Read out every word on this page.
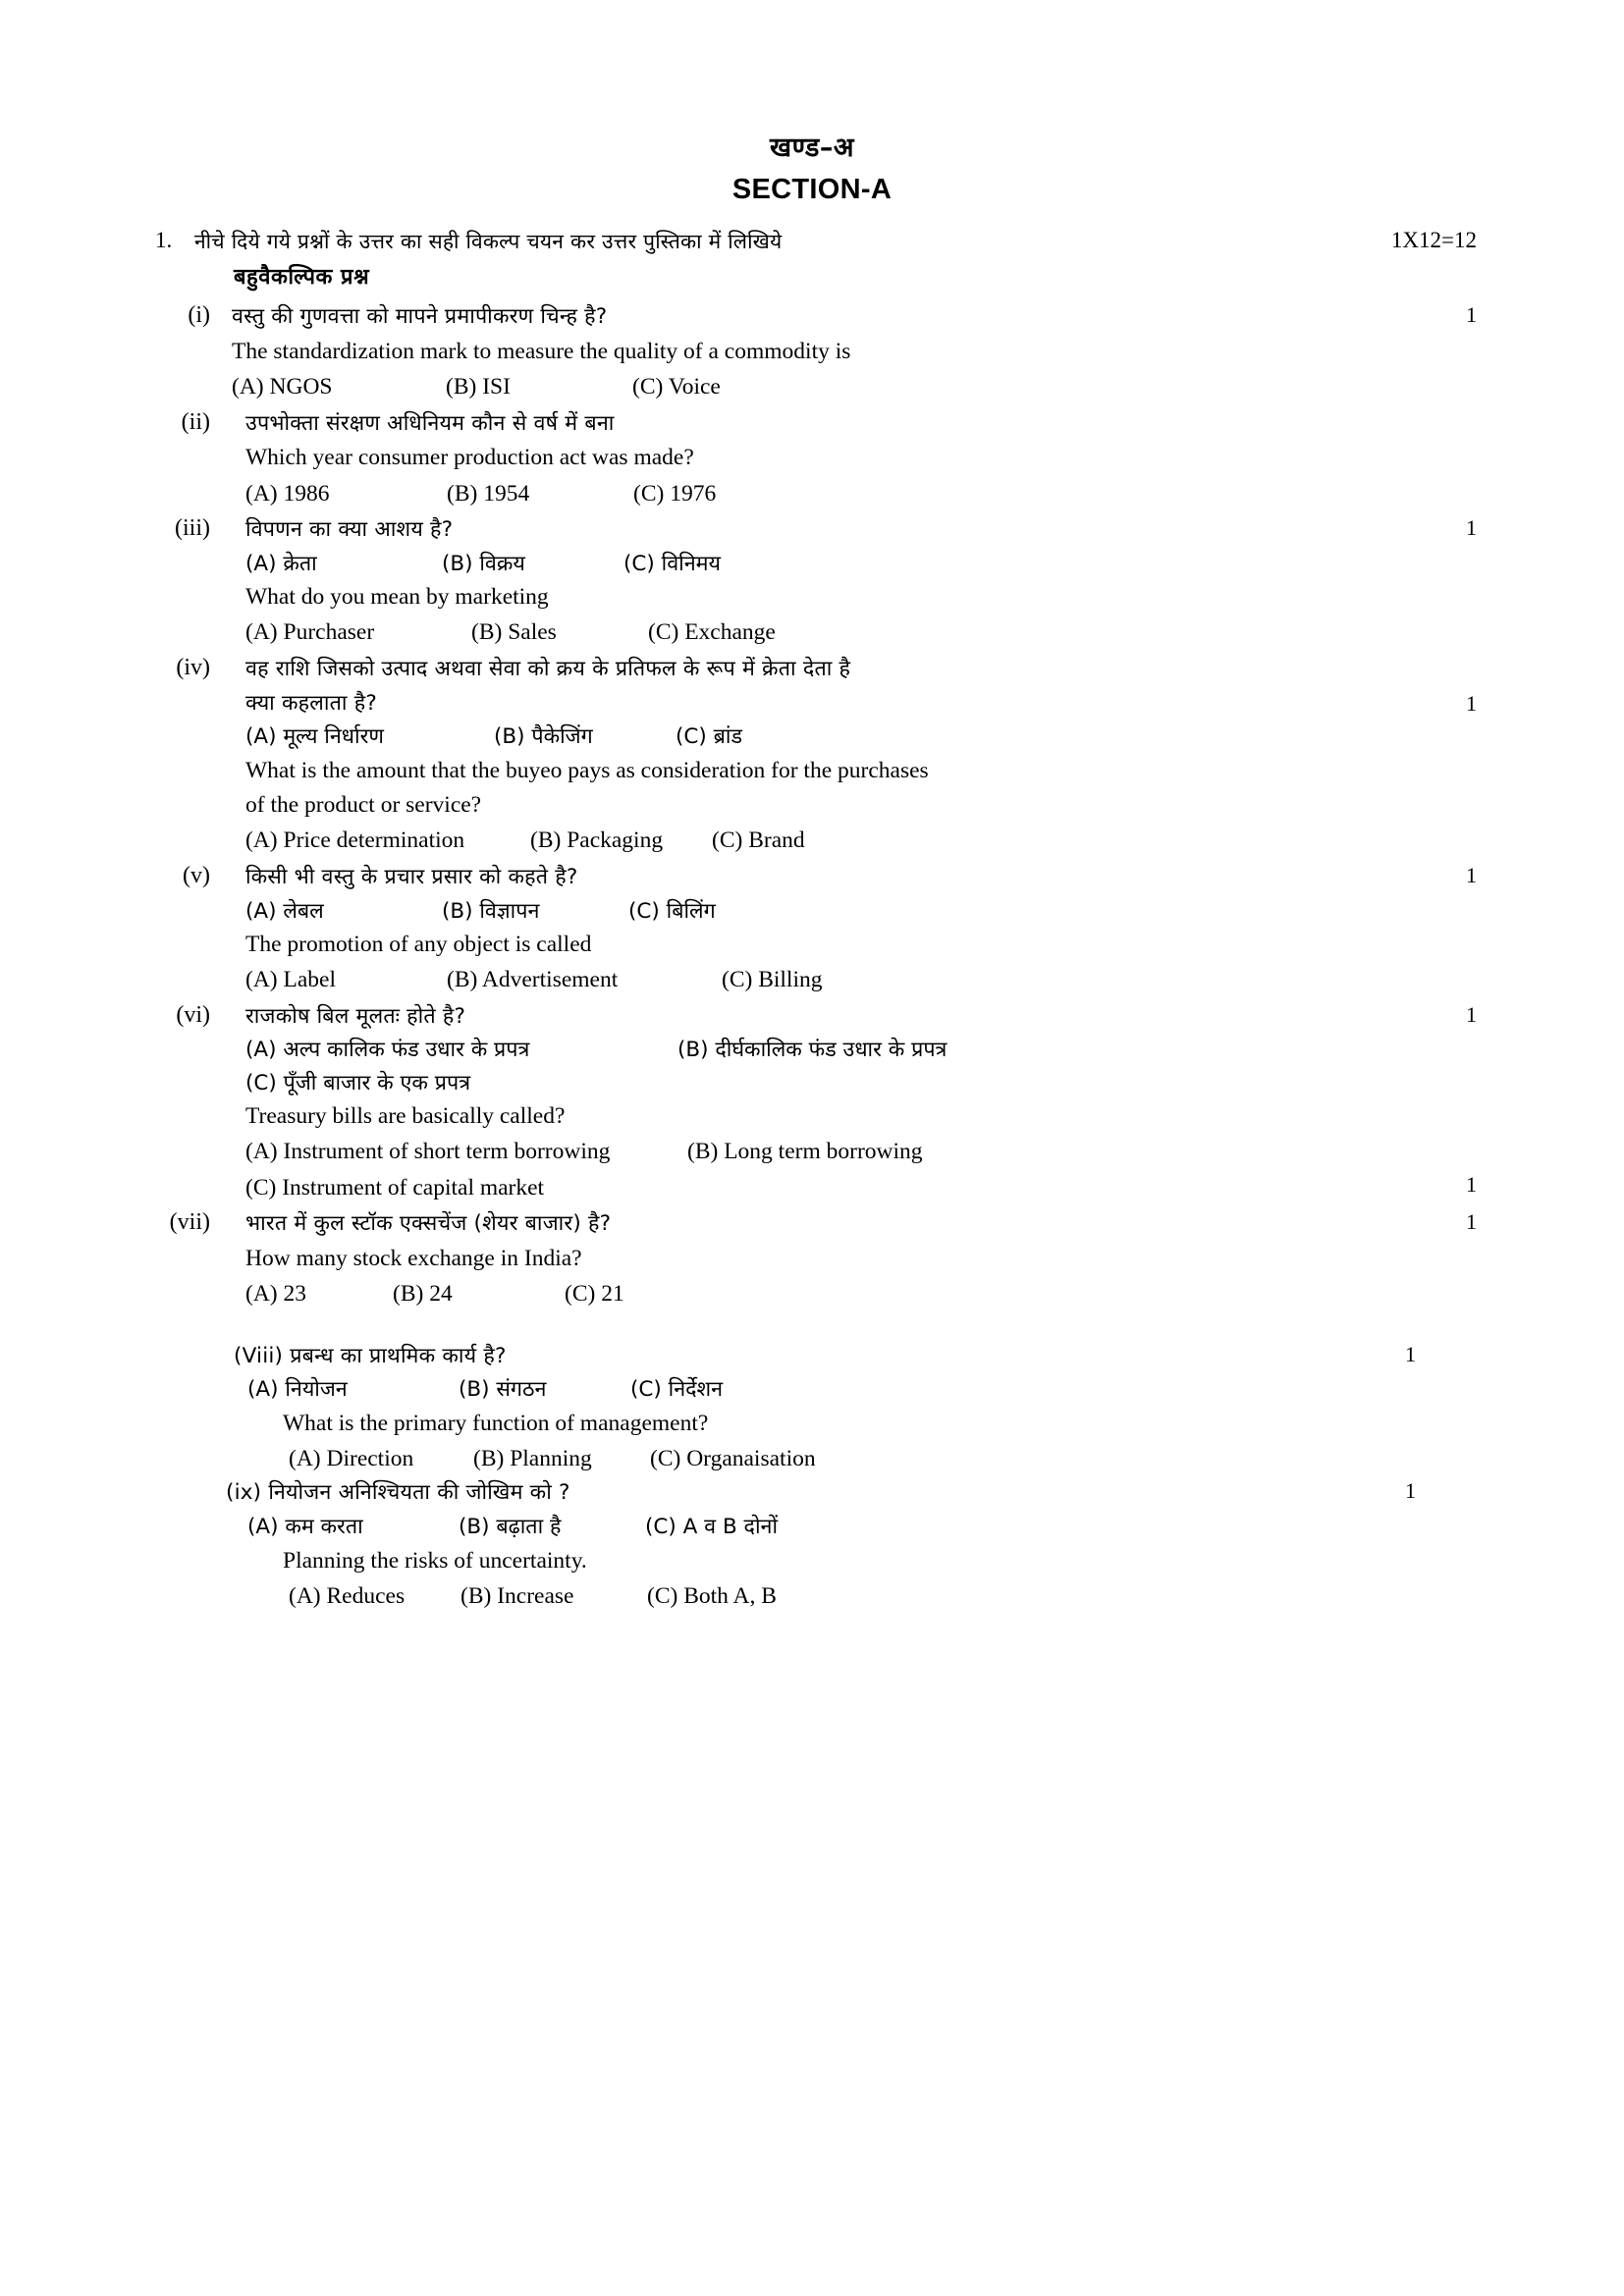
खण्ड–अ
SECTION-A
1.	नीचे दिये गये प्रश्नों के उत्तर का सही विकल्प चयन कर उत्तर पुस्तिका में लिखिये	1X12=12
बहुवैकल्पिक प्रश्न
(i)	वस्तु की गुणवत्ता को मापने प्रमापीकरण चिन्ह है?	1
The standardization mark to measure the quality of a commodity is
(A) NGOS	(B) ISI	(C) Voice
(ii)	उपभोक्ता संरक्षण अधिनियम कौन से वर्ष में बना
Which year consumer production act was made?
(A) 1986	(B) 1954	(C) 1976
(iii)	विपणन का क्या आशय है?	1
(A) क्रेता	(B) विक्रय	(C) विनिमय
What do you mean by marketing
(A) Purchaser	(B) Sales	(C) Exchange
(iv)	वह राशि जिसको उत्पाद अथवा सेवा को क्रय के प्रतिफल के रूप में क्रेता देता है
क्या कहलाता है?	1
(A) मूल्य निर्धारण	(B) पैकेजिंग	(C) ब्रांड
What is the amount that the buyeo pays as consideration for the purchases
of the product or service?
(A) Price determination	(B) Packaging	(C) Brand
(v)	किसी भी वस्तु के प्रचार प्रसार को कहते है?	1
(A) लेबल	(B) विज्ञापन	(C) बिलिंग
The promotion of any object is called
(A) Label	(B) Advertisement	(C) Billing
(vi)	राजकोष बिल मूलतः होते है?	1
(A) अल्प कालिक फंड उधार के प्रपत्र	(B) दीर्घकालिक फंड उधार के प्रपत्र
(C) पूँजी बाजार के एक प्रपत्र
Treasury bills are basically called?
(A) Instrument of short term borrowing	(B) Long term borrowing
(C) Instrument of capital market	1
(vii)	भारत में कुल स्टॉक एक्सचेंज (शेयर बाजार) है?	1
How many stock exchange in India?
(A) 23	(B) 24	(C) 21
(Viii) प्रबन्ध का प्राथमिक कार्य है?	1
(A) नियोजन	(B) संगठन	(C) निर्देशन
What is the primary function of management?
(A) Direction	(B) Planning	(C) Organaisation
(ix) नियोजन अनिश्चियता की जोखिम को ?	1
(A) कम करता	(B) बढ़ाता है	(C) A व B दोनों
Planning the risks of uncertainty.
(A) Reduces	(B) Increase	(C) Both A, B
